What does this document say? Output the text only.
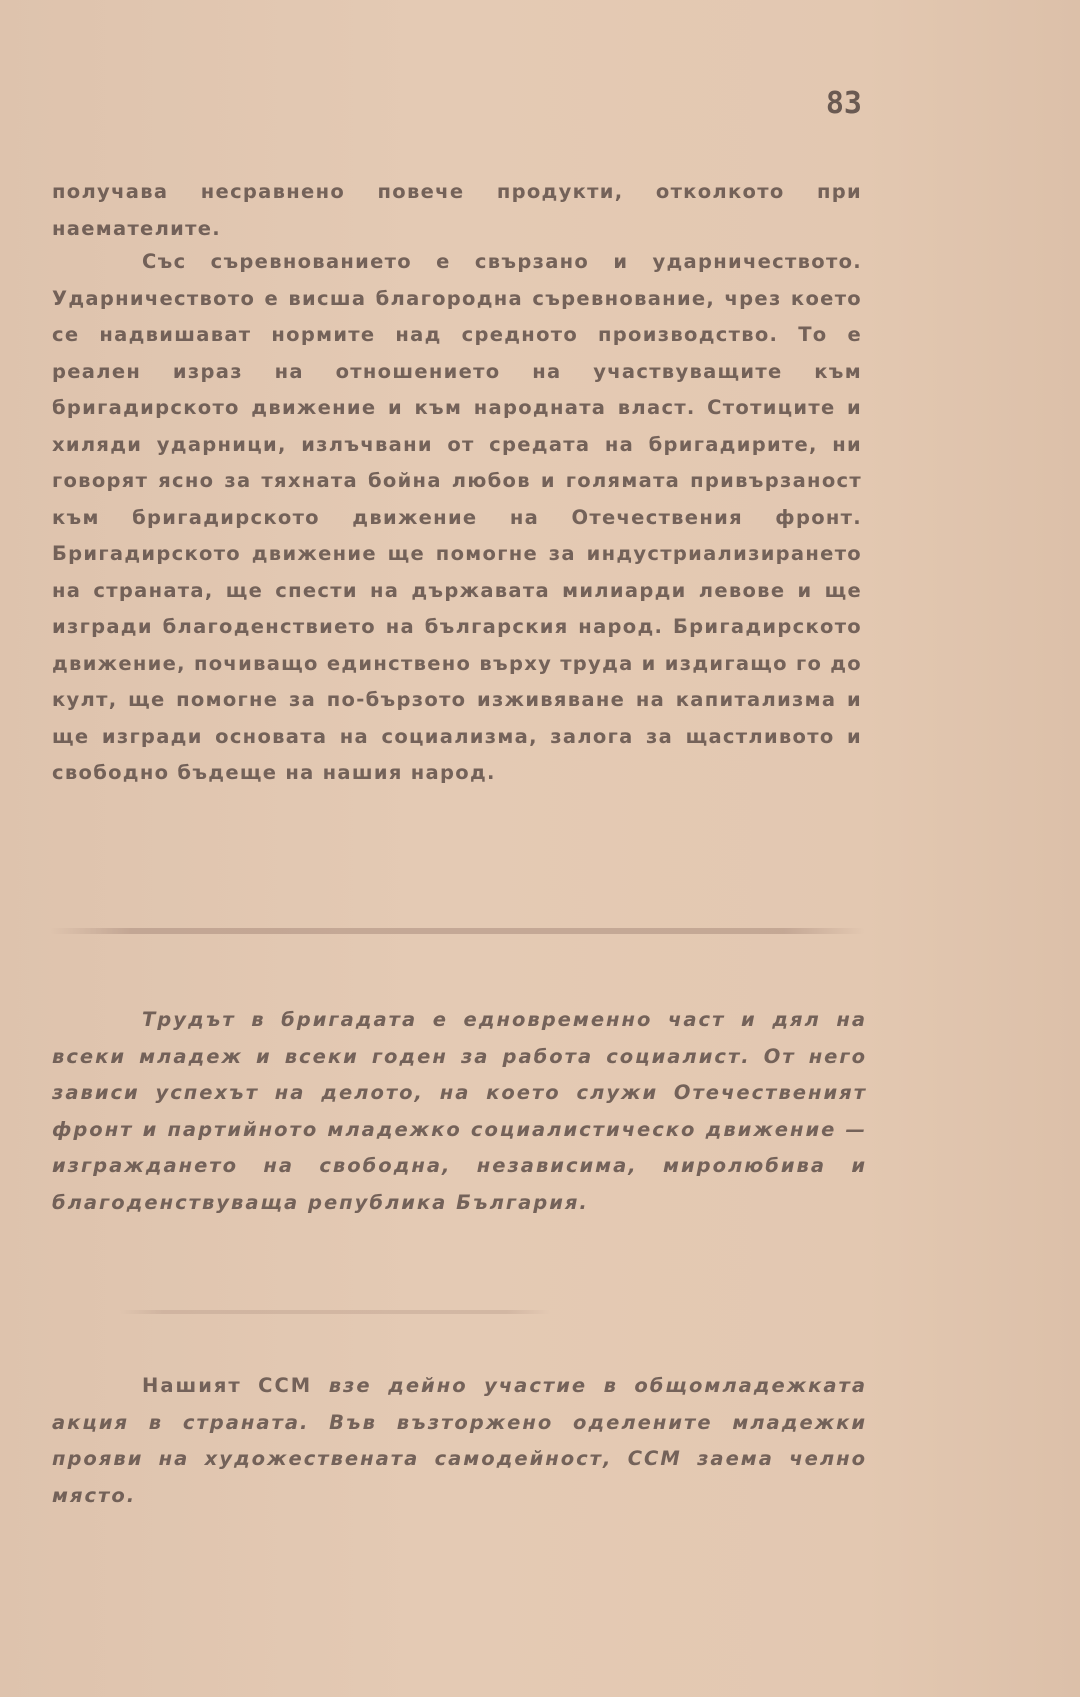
83

получава несравнено повече продукти, отколкото при наемателите.

Със съревнованието е свързано и ударничеството. Ударничеството е висша благородна съревнование, чрез което се надвишават нормите над средното производство. То е реален израз на отношението на участвуващите към бригадирското движение и към народната власт. Стотиците и хиляди ударници, излъчвани от средата на бригадирите, ни говорят ясно за тяхната бойна любов и голямата привързаност към бригадирското движение на Отечествения фронт. Бригадирското движение ще помогне за индустриализирането на страната, ще спести на държавата милиарди левове и ще изгради благоденствието на българския народ. Бригадирското движение, почиващо единствено върху труда и издигащо го до култ, ще помогне за по-бързото изживяване на капитализма и ще изгради основата на социализма, залога за щастливото и свободно бъдеще на нашия народ.

Трудът в бригадата е едновременно част и дял на всеки младеж и всеки годен за работа социалист. От него зависи успехът на делото, на което служи Отечественият фронт и партийното младежко социалистическо движение — изграждането на свободна, независима, миролюбива и благоденствуваща република България.

Нашият ССМ взе дейно участие в общомладежката акция в страната. Във възторжено оделените младежки прояви на художествената самодейност, ССМ заема челно място.
